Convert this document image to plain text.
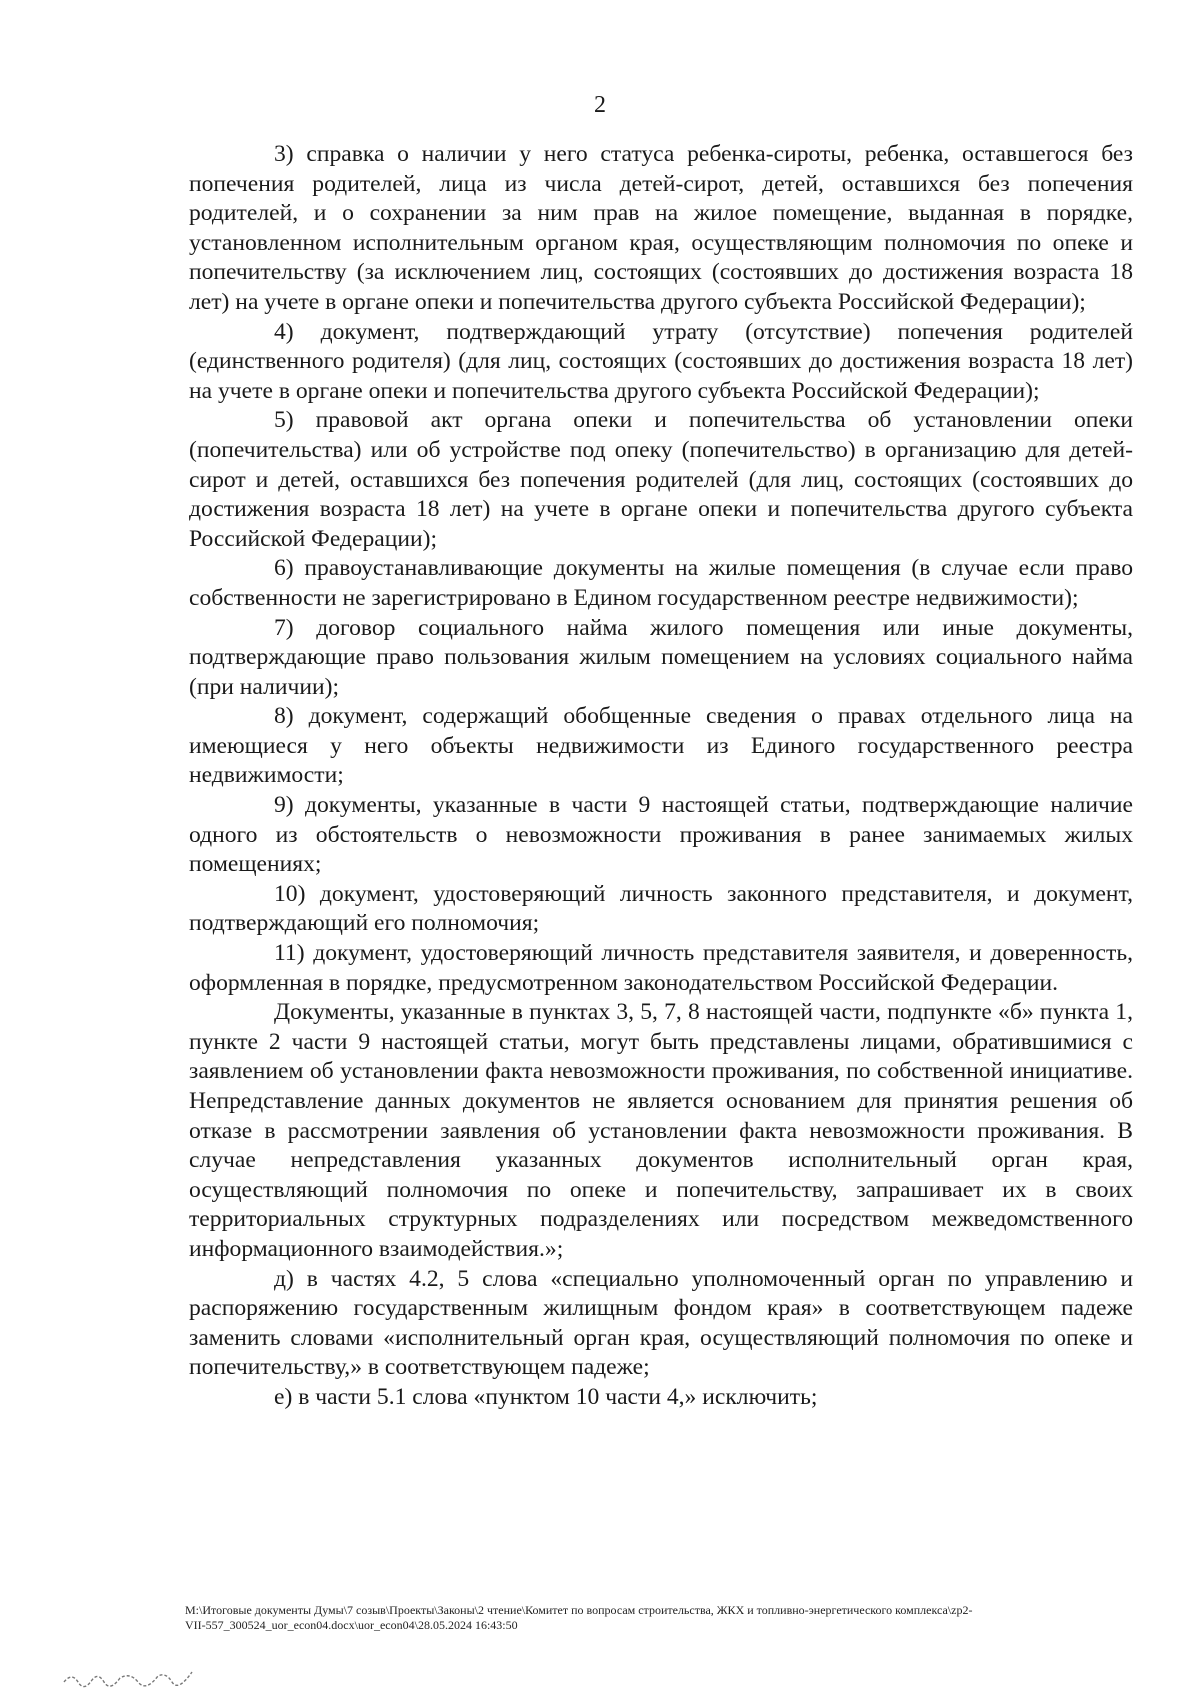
2

3) справка о наличии у него статуса ребенка-сироты, ребенка, оставшегося без попечения родителей, лица из числа детей-сирот, детей, оставшихся без попечения родителей, и о сохранении за ним прав на жилое помещение, выданная в порядке, установленном исполнительным органом края, осуществляющим полномочия по опеке и попечительству (за исключением лиц, состоящих (состоявших до достижения возраста 18 лет) на учете в органе опеки и попечительства другого субъекта Российской Федерации);

4) документ, подтверждающий утрату (отсутствие) попечения родителей (единственного родителя) (для лиц, состоящих (состоявших до достижения возраста 18 лет) на учете в органе опеки и попечительства другого субъекта Российской Федерации);

5) правовой акт органа опеки и попечительства об установлении опеки (попечительства) или об устройстве под опеку (попечительство) в организацию для детей-сирот и детей, оставшихся без попечения родителей (для лиц, состоящих (состоявших до достижения возраста 18 лет) на учете в органе опеки и попечительства другого субъекта Российской Федерации);

6) правоустанавливающие документы на жилые помещения (в случае если право собственности не зарегистрировано в Едином государственном реестре недвижимости);

7) договор социального найма жилого помещения или иные документы, подтверждающие право пользования жилым помещением на условиях социального найма (при наличии);

8) документ, содержащий обобщенные сведения о правах отдельного лица на имеющиеся у него объекты недвижимости из Единого государственного реестра недвижимости;

9) документы, указанные в части 9 настоящей статьи, подтверждающие наличие одного из обстоятельств о невозможности проживания в ранее занимаемых жилых помещениях;

10) документ, удостоверяющий личность законного представителя, и документ, подтверждающий его полномочия;

11) документ, удостоверяющий личность представителя заявителя, и доверенность, оформленная в порядке, предусмотренном законодательством Российской Федерации.

Документы, указанные в пунктах 3, 5, 7, 8 настоящей части, подпункте «б» пункта 1, пункте 2 части 9 настоящей статьи, могут быть представлены лицами, обратившимися с заявлением об установлении факта невозможности проживания, по собственной инициативе. Непредставление данных документов не является основанием для принятия решения об отказе в рассмотрении заявления об установлении факта невозможности проживания. В случае непредставления указанных документов исполнительный орган края, осуществляющий полномочия по опеке и попечительству, запрашивает их в своих территориальных структурных подразделениях или посредством межведомственного информационного взаимодействия.»;

д) в частях 4.2, 5 слова «специально уполномоченный орган по управлению и распоряжению государственным жилищным фондом края» в соответствующем падеже заменить словами «исполнительный орган края, осуществляющий полномочия по опеке и попечительству,» в соответствующем падеже;

е) в части 5.1 слова «пунктом 10 части 4,» исключить;

M:\Итоговые документы Думы\7 созыв\Проекты\Законы\2 чтение\Комитет по вопросам строительства, ЖКХ и топливно-энергетического комплекса\zp2-
VII-557_300524_uor_econ04.docx\uor_econ04\28.05.2024 16:43:50
